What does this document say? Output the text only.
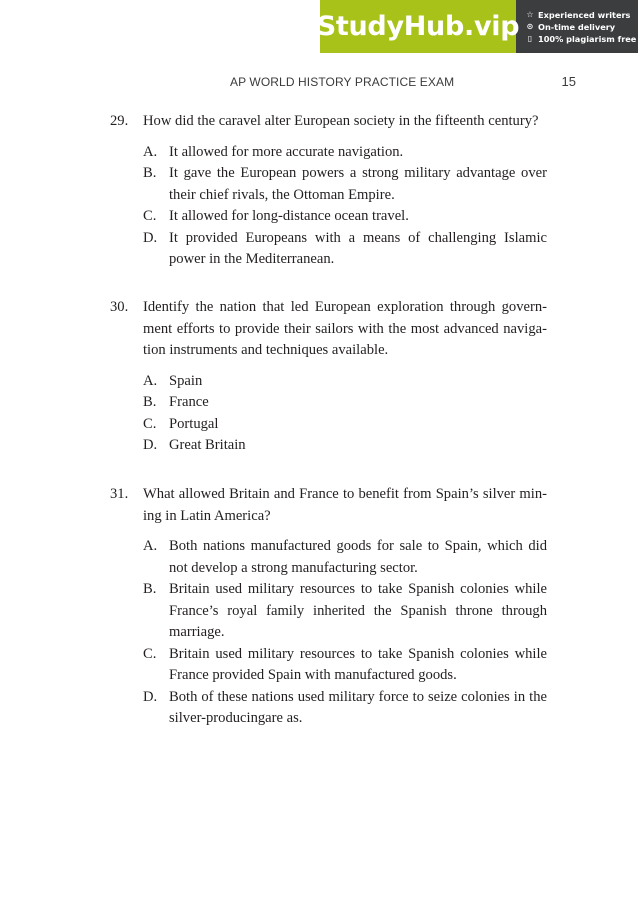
StudyHub.vip ☆ Experienced writers
⊙ On-time delivery
▯ 100% plagiarism free
AP WORLD HISTORY PRACTICE EXAM	15
29.	How did the caravel alter European society in the fifteenth century?
A. It allowed for more accurate navigation.
B. It gave the European powers a strong military advantage over their chief rivals, the Ottoman Empire.
C. It allowed for long-distance ocean travel.
D. It provided Europeans with a means of challenging Islamic power in the Mediterranean.
30.	Identify the nation that led European exploration through govern-ment efforts to provide their sailors with the most advanced naviga-tion instruments and techniques available.
A. Spain
B. France
C. Portugal
D. Great Britain
31.	What allowed Britain and France to benefit from Spain’s silver min-ing in Latin America?
A. Both nations manufactured goods for sale to Spain, which did not develop a strong manufacturing sector.
B. Britain used military resources to take Spanish colonies while France’s royal family inherited the Spanish throne through marriage.
C. Britain used military resources to take Spanish colonies while France provided Spain with manufactured goods.
D. Both of these nations used military force to seize colonies in the silver-producingare as.
